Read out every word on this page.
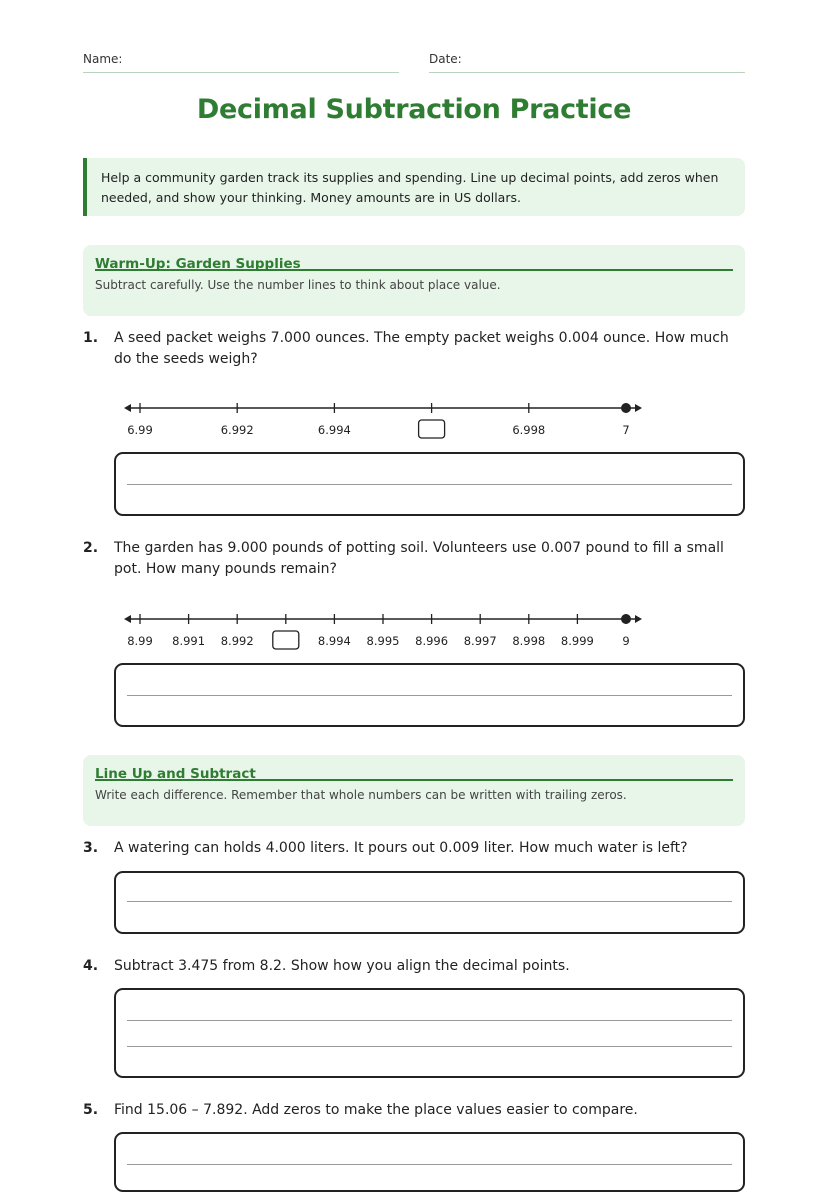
Name:	Date:
Decimal Subtraction Practice
Help a community garden track its supplies and spending. Line up decimal points, add zeros when needed, and show your thinking. Money amounts are in US dollars.
Warm-Up: Garden Supplies
Subtract carefully. Use the number lines to think about place value.
1. A seed packet weighs 7.000 ounces. The empty packet weighs 0.004 ounce. How much do the seeds weigh?
6.99	6.992	6.994	6.998	7
2. The garden has 9.000 pounds of potting soil. Volunteers use 0.007 pound to fill a small pot. How many pounds remain?
8.99 8.991 8.992	8.994 8.995 8.996 8.997 8.998 8.999 9
Line Up and Subtract
Write each difference. Remember that whole numbers can be written with trailing zeros.
3. A watering can holds 4.000 liters. It pours out 0.009 liter. How much water is left?
4. Subtract 3.475 from 8.2. Show how you align the decimal points.
5. Find 15.06 – 7.892. Add zeros to make the place values easier to compare.
